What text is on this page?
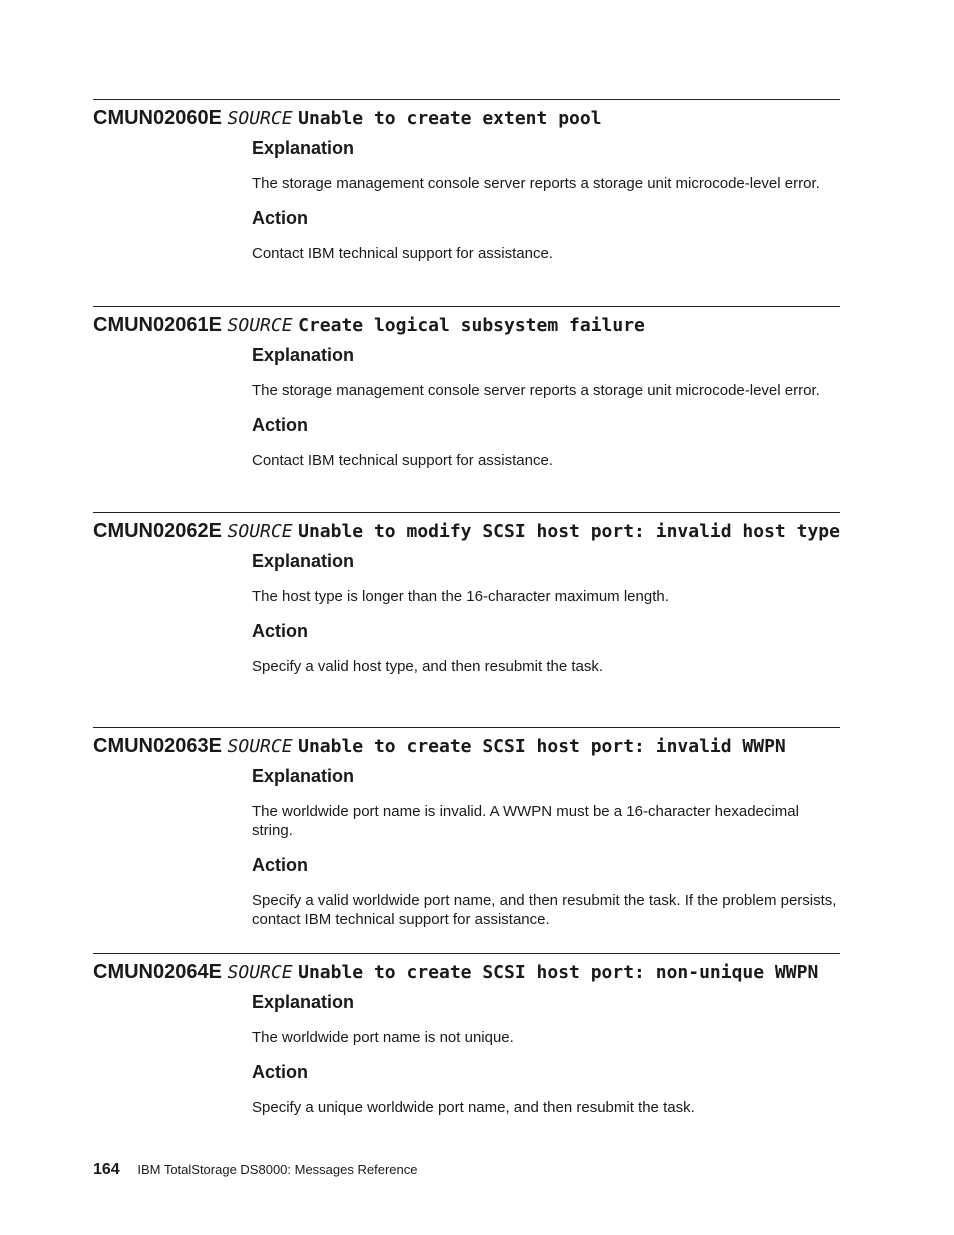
CMUN02060E SOURCE Unable to create extent pool
Explanation

The storage management console server reports a storage unit microcode-level error.

Action

Contact IBM technical support for assistance.

CMUN02061E SOURCE Create logical subsystem failure
Explanation

The storage management console server reports a storage unit microcode-level error.

Action

Contact IBM technical support for assistance.

CMUN02062E SOURCE Unable to modify SCSI host port: invalid host type
Explanation

The host type is longer than the 16-character maximum length.

Action

Specify a valid host type, and then resubmit the task.

CMUN02063E SOURCE Unable to create SCSI host port: invalid WWPN
Explanation

The worldwide port name is invalid. A WWPN must be a 16-character hexadecimal string.

Action

Specify a valid worldwide port name, and then resubmit the task. If the problem persists, contact IBM technical support for assistance.

CMUN02064E SOURCE Unable to create SCSI host port: non-unique WWPN
Explanation

The worldwide port name is not unique.

Action

Specify a unique worldwide port name, and then resubmit the task.

164 IBM TotalStorage DS8000: Messages Reference
